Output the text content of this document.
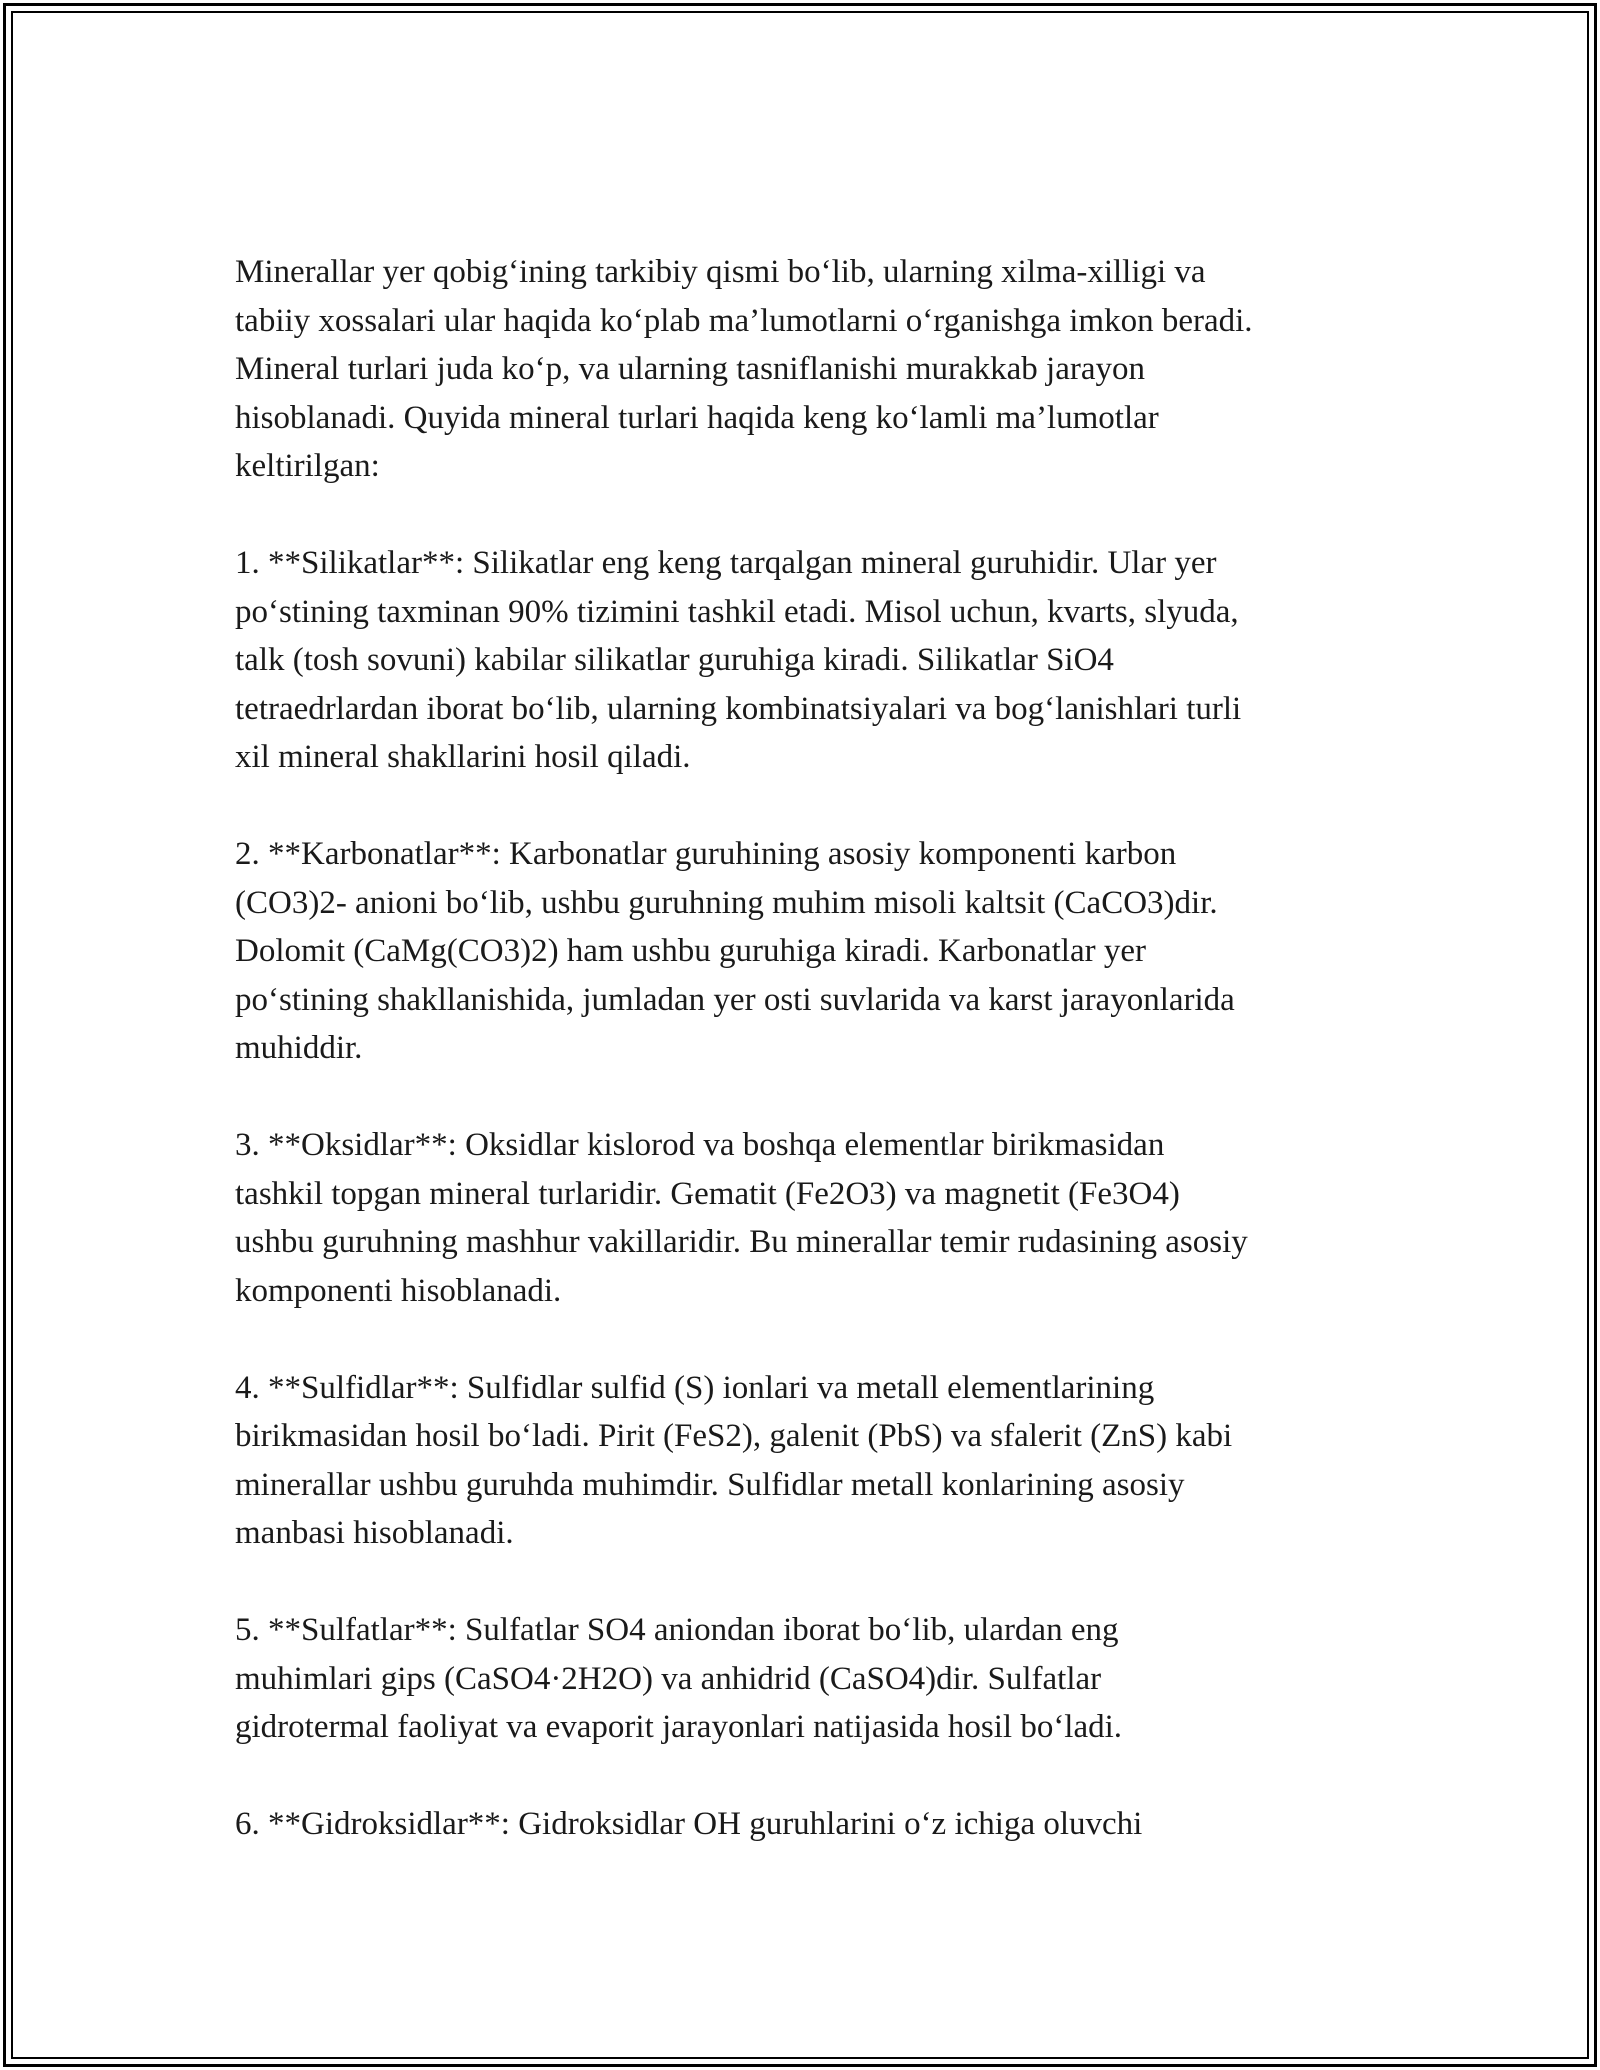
Minerallar yer qobig‘ining tarkibiy qismi bo‘lib, ularning xilma-xilligi va
tabiiy xossalari ular haqida ko‘plab ma’lumotlarni o‘rganishga imkon beradi.
Mineral turlari juda ko‘p, va ularning tasniflanishi murakkab jarayon
hisoblanadi. Quyida mineral turlari haqida keng ko‘lamli ma’lumotlar
keltirilgan:
1. **Silikatlar**: Silikatlar eng keng tarqalgan mineral guruhidir. Ular yer
po‘stining taxminan 90% tizimini tashkil etadi. Misol uchun, kvarts, slyuda,
talk (tosh sovuni) kabilar silikatlar guruhiga kiradi. Silikatlar SiO4
tetraedrlardan iborat bo‘lib, ularning kombinatsiyalari va bog‘lanishlari turli
xil mineral shakllarini hosil qiladi.
2. **Karbonatlar**: Karbonatlar guruhining asosiy komponenti karbon
(CO3)2- anioni bo‘lib, ushbu guruhning muhim misoli kaltsit (CaCO3)dir.
Dolomit (CaMg(CO3)2) ham ushbu guruhiga kiradi. Karbonatlar yer
po‘stining shakllanishida, jumladan yer osti suvlarida va karst jarayonlarida
muhiddir.
3. **Oksidlar**: Oksidlar kislorod va boshqa elementlar birikmasidan
tashkil topgan mineral turlaridir. Gematit (Fe2O3) va magnetit (Fe3O4)
ushbu guruhning mashhur vakillaridir. Bu minerallar temir rudasining asosiy
komponenti hisoblanadi.
4. **Sulfidlar**: Sulfidlar sulfid (S) ionlari va metall elementlarining
birikmasidan hosil bo‘ladi. Pirit (FeS2), galenit (PbS) va sfalerit (ZnS) kabi
minerallar ushbu guruhda muhimdir. Sulfidlar metall konlarining asosiy
manbasi hisoblanadi.
5. **Sulfatlar**: Sulfatlar SO4 aniondan iborat bo‘lib, ulardan eng
muhimlari gips (CaSO4·2H2O) va anhidrid (CaSO4)dir. Sulfatlar
gidrotermal faoliyat va evaporit jarayonlari natijasida hosil bo‘ladi.
6. **Gidroksidlar**: Gidroksidlar OH guruhlarini o‘z ichiga oluvchi
